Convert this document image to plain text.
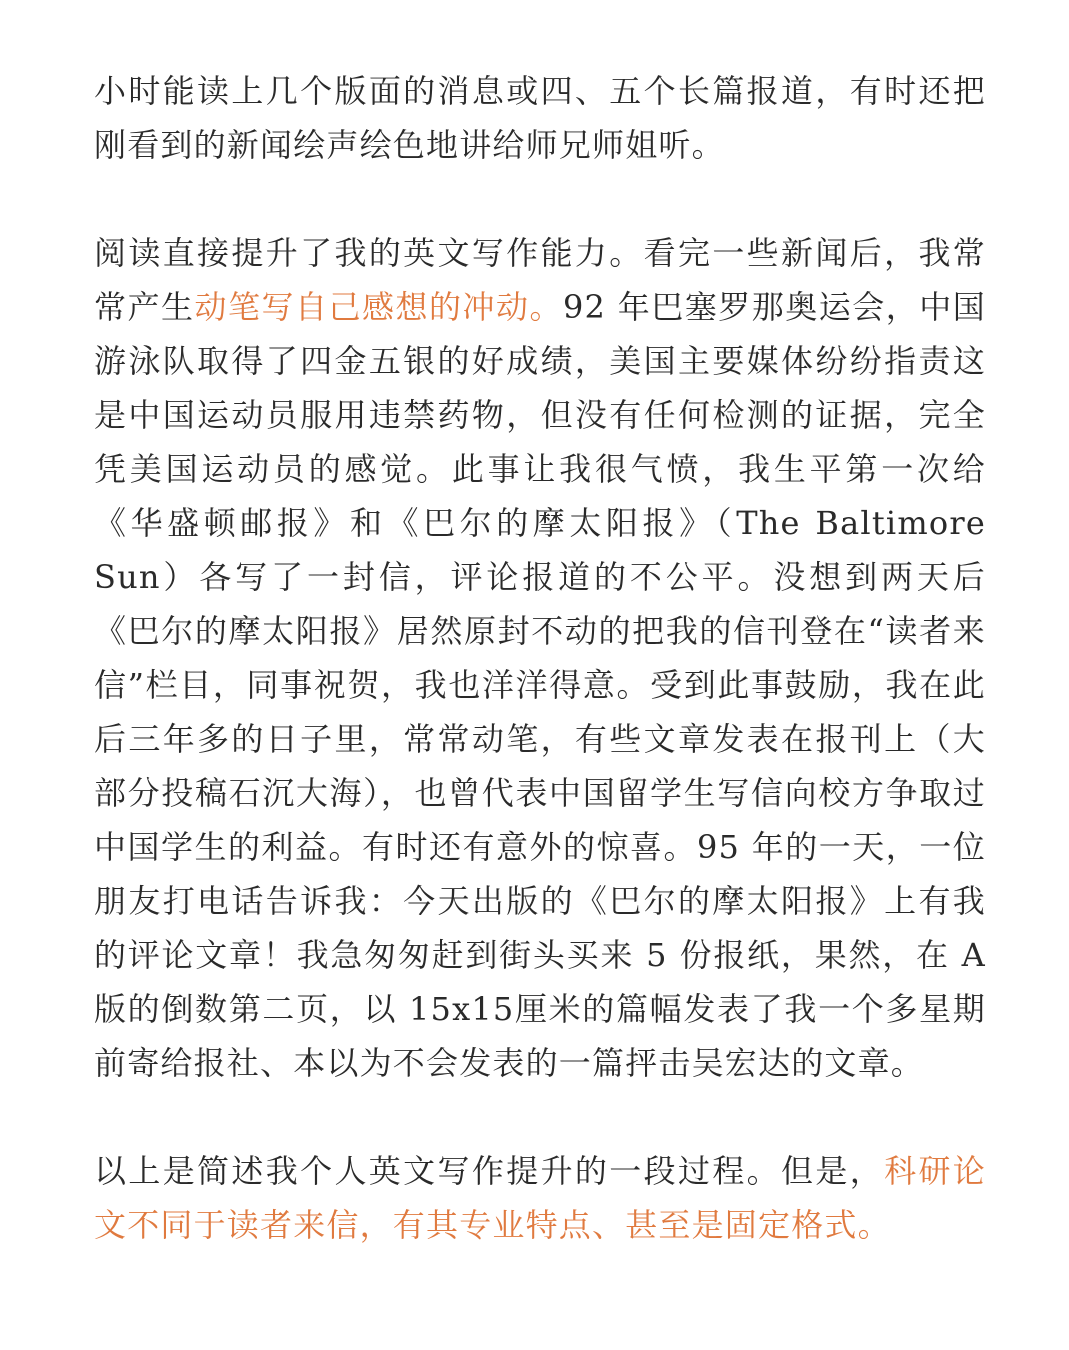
小时能读上几个版面的消息或四、五个长篇报道，有时还把刚看到的新闻绘声绘色地讲给师兄师姐听。

阅读直接提升了我的英文写作能力。看完一些新闻后，我常常产生动笔写自己感想的冲动。92 年巴塞罗那奥运会，中国游泳队取得了四金五银的好成绩，美国主要媒体纷纷指责这是中国运动员服用违禁药物，但没有任何检测的证据，完全凭美国运动员的感觉。此事让我很气愤，我生平第一次给《华盛顿邮报》和《巴尔的摩太阳报》（The Baltimore Sun）各写了一封信，评论报道的不公平。没想到两天后《巴尔的摩太阳报》居然原封不动的把我的信刊登在“读者来信”栏目，同事祝贺，我也洋洋得意。受到此事鼓励，我在此后三年多的日子里，常常动笔，有些文章发表在报刊上（大部分投稿石沉大海），也曾代表中国留学生写信向校方争取过中国学生的利益。有时还有意外的惊喜。95 年的一天，一位朋友打电话告诉我：今天出版的《巴尔的摩太阳报》上有我的评论文章！我急匆匆赶到街头买来 5 份报纸，果然，在 A 版的倒数第二页，以 15x15厘米的篇幅发表了我一个多星期前寄给报社、本以为不会发表的一篇抨击吴宏达的文章。

以上是简述我个人英文写作提升的一段过程。但是，科研论文不同于读者来信，有其专业特点、甚至是固定格式。
